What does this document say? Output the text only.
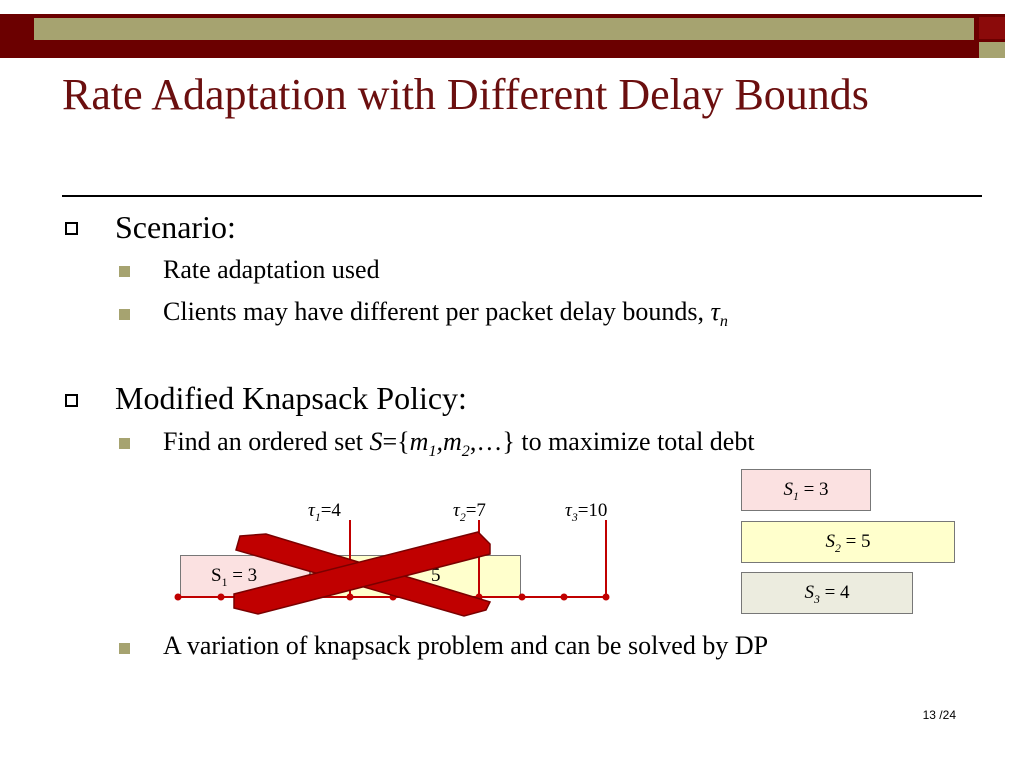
Rate Adaptation with Different Delay Bounds
Scenario:
Rate adaptation used
Clients may have different per packet delay bounds, $\tau_n$
Modified Knapsack Policy:
Find an ordered set $S=\{m_1,m_2,\dots\}$ to maximize total debt
A variation of knapsack problem and can be solved by DP
$\tau_1=4$	$\tau_2=7$	$\tau_3=10$
$S_1 = 3$	5
$S_1 = 3$
$S_2 = 5$
$S_3 = 4$
13 /24
